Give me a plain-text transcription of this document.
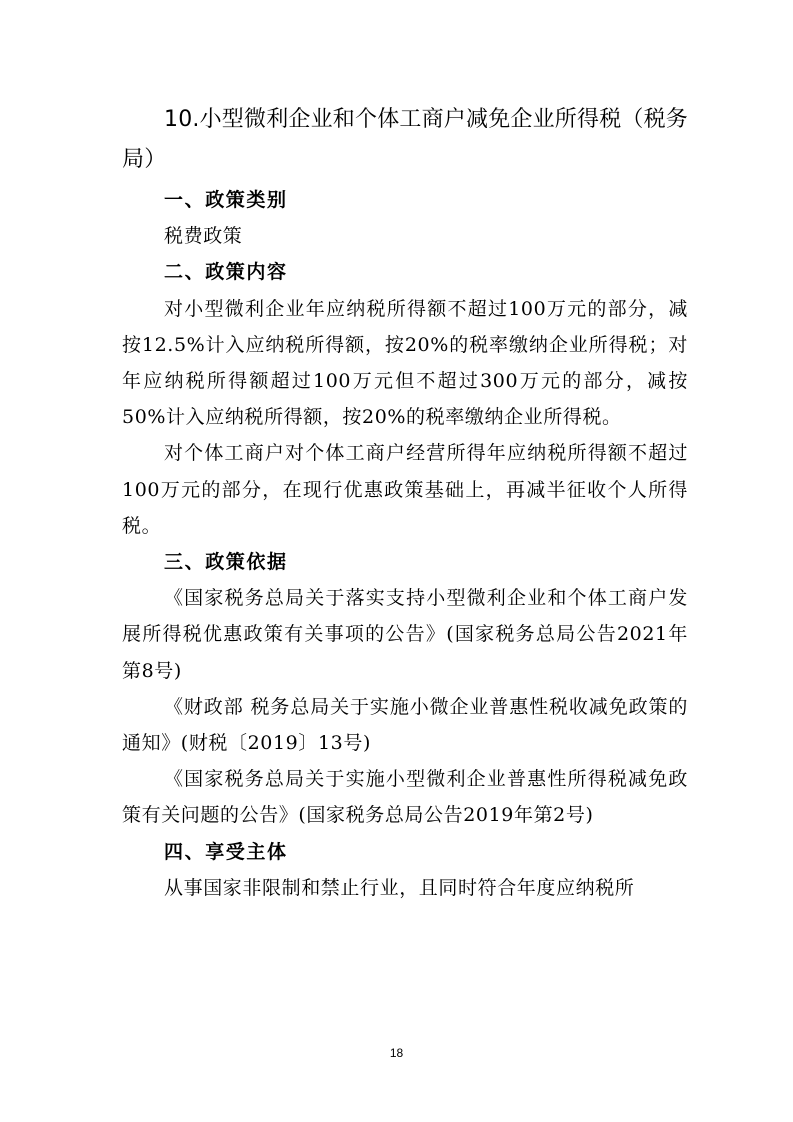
10.小型微利企业和个体工商户减免企业所得税（税务局）
一、政策类别

税费政策

二、政策内容

对小型微利企业年应纳税所得额不超过100万元的部分，减按12.5%计入应纳税所得额，按20%的税率缴纳企业所得税；对年应纳税所得额超过100万元但不超过300万元的部分，减按50%计入应纳税所得额，按20%的税率缴纳企业所得税。

对个体工商户对个体工商户经营所得年应纳税所得额不超过100万元的部分，在现行优惠政策基础上，再减半征收个人所得税。

三、政策依据

《国家税务总局关于落实支持小型微利企业和个体工商户发展所得税优惠政策有关事项的公告》(国家税务总局公告2021年第8号)

《财政部 税务总局关于实施小微企业普惠性税收减免政策的通知》(财税〔2019〕13号)

《国家税务总局关于实施小型微利企业普惠性所得税减免政策有关问题的公告》(国家税务总局公告2019年第2号)

四、享受主体

从事国家非限制和禁止行业，且同时符合年度应纳税所

18
